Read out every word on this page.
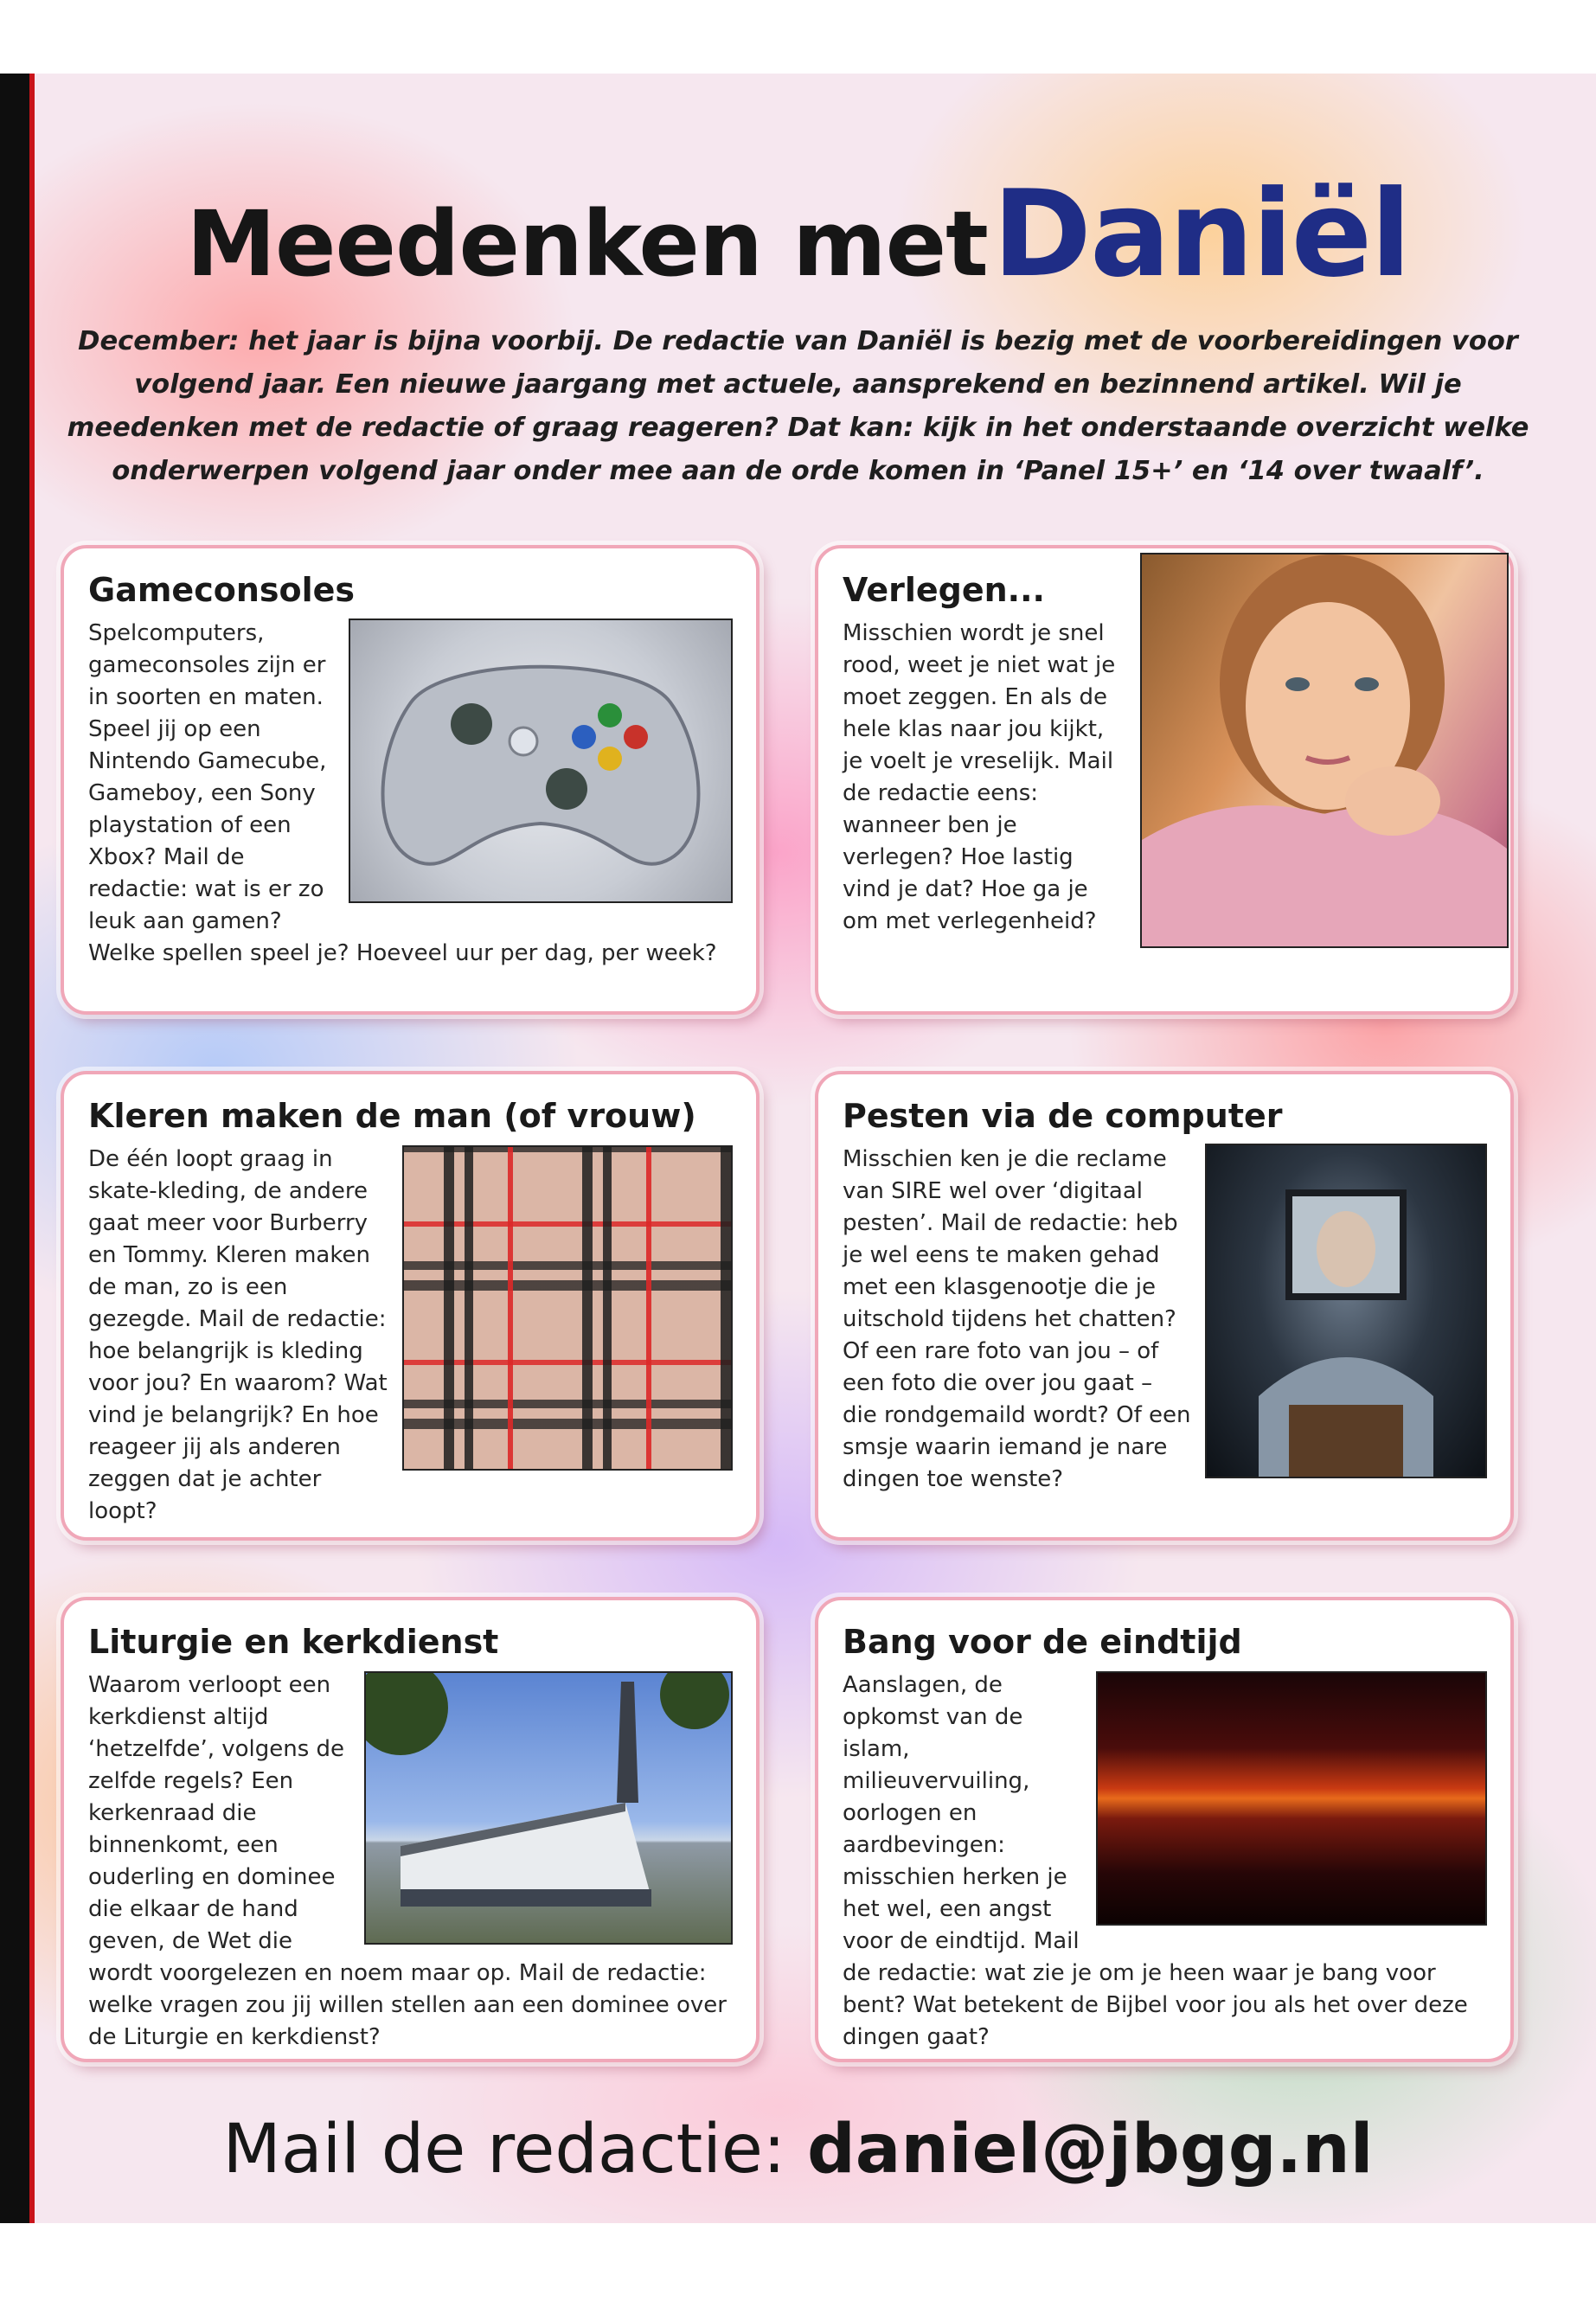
Meedenken met Daniël
December: het jaar is bijna voorbij. De redactie van Daniël is bezig met de voorbereidingen voor volgend jaar. Een nieuwe jaargang met actuele, aansprekend en bezinnend artikel. Wil je meedenken met de redactie of graag reageren? Dat kan: kijk in het onderstaande overzicht welke onderwerpen volgend jaar onder mee aan de orde komen in ‘Panel 15+’ en ‘14 over twaalf’.
Gameconsoles
Spelcomputers, gameconsoles zijn er in soorten en maten. Speel jij op een Nintendo Gamecube, Gameboy, een Sony playstation of een Xbox? Mail de redactie: wat is er zo leuk aan gamen? Welke spellen speel je? Hoeveel uur per dag, per week?
Verlegen...
Misschien wordt je snel rood, weet je niet wat je moet zeggen. En als de hele klas naar jou kijkt, je voelt je vreselijk. Mail de redactie eens: wanneer ben je verlegen? Hoe lastig vind je dat? Hoe ga je om met verlegenheid?
Kleren maken de man (of vrouw)
De één loopt graag in skate-kleding, de andere gaat meer voor Burberry en Tommy. Kleren maken de man, zo is een gezegde. Mail de redactie: hoe belangrijk is kleding voor jou? En waarom? Wat vind je belangrijk? En hoe reageer jij als anderen zeggen dat je achter loopt?
Pesten via de computer
Misschien ken je die reclame van SIRE wel over ‘digitaal pesten’. Mail de redactie: heb je wel eens te maken gehad met een klasgenootje die je uitschold tijdens het chatten? Of een rare foto van jou – of een foto die over jou gaat – die rondgemaild wordt? Of een smsje waarin iemand je nare dingen toe wenste?
Liturgie en kerkdienst
Waarom verloopt een kerkdienst altijd ‘hetzelfde’, volgens de zelfde regels? Een kerkenraad die binnenkomt, een ouderling en dominee die elkaar de hand geven, de Wet die wordt voorgelezen en noem maar op. Mail de redactie: welke vragen zou jij willen stellen aan een dominee over de Liturgie en kerkdienst?
Bang voor de eindtijd
Aanslagen, de opkomst van de islam, milieuvervuiling, oorlogen en aardbevingen: misschien herken je het wel, een angst voor de eindtijd. Mail de redactie: wat zie je om je heen waar je bang voor bent? Wat betekent de Bijbel voor jou als het over deze dingen gaat?
Mail de redactie: daniel@jbgg.nl
